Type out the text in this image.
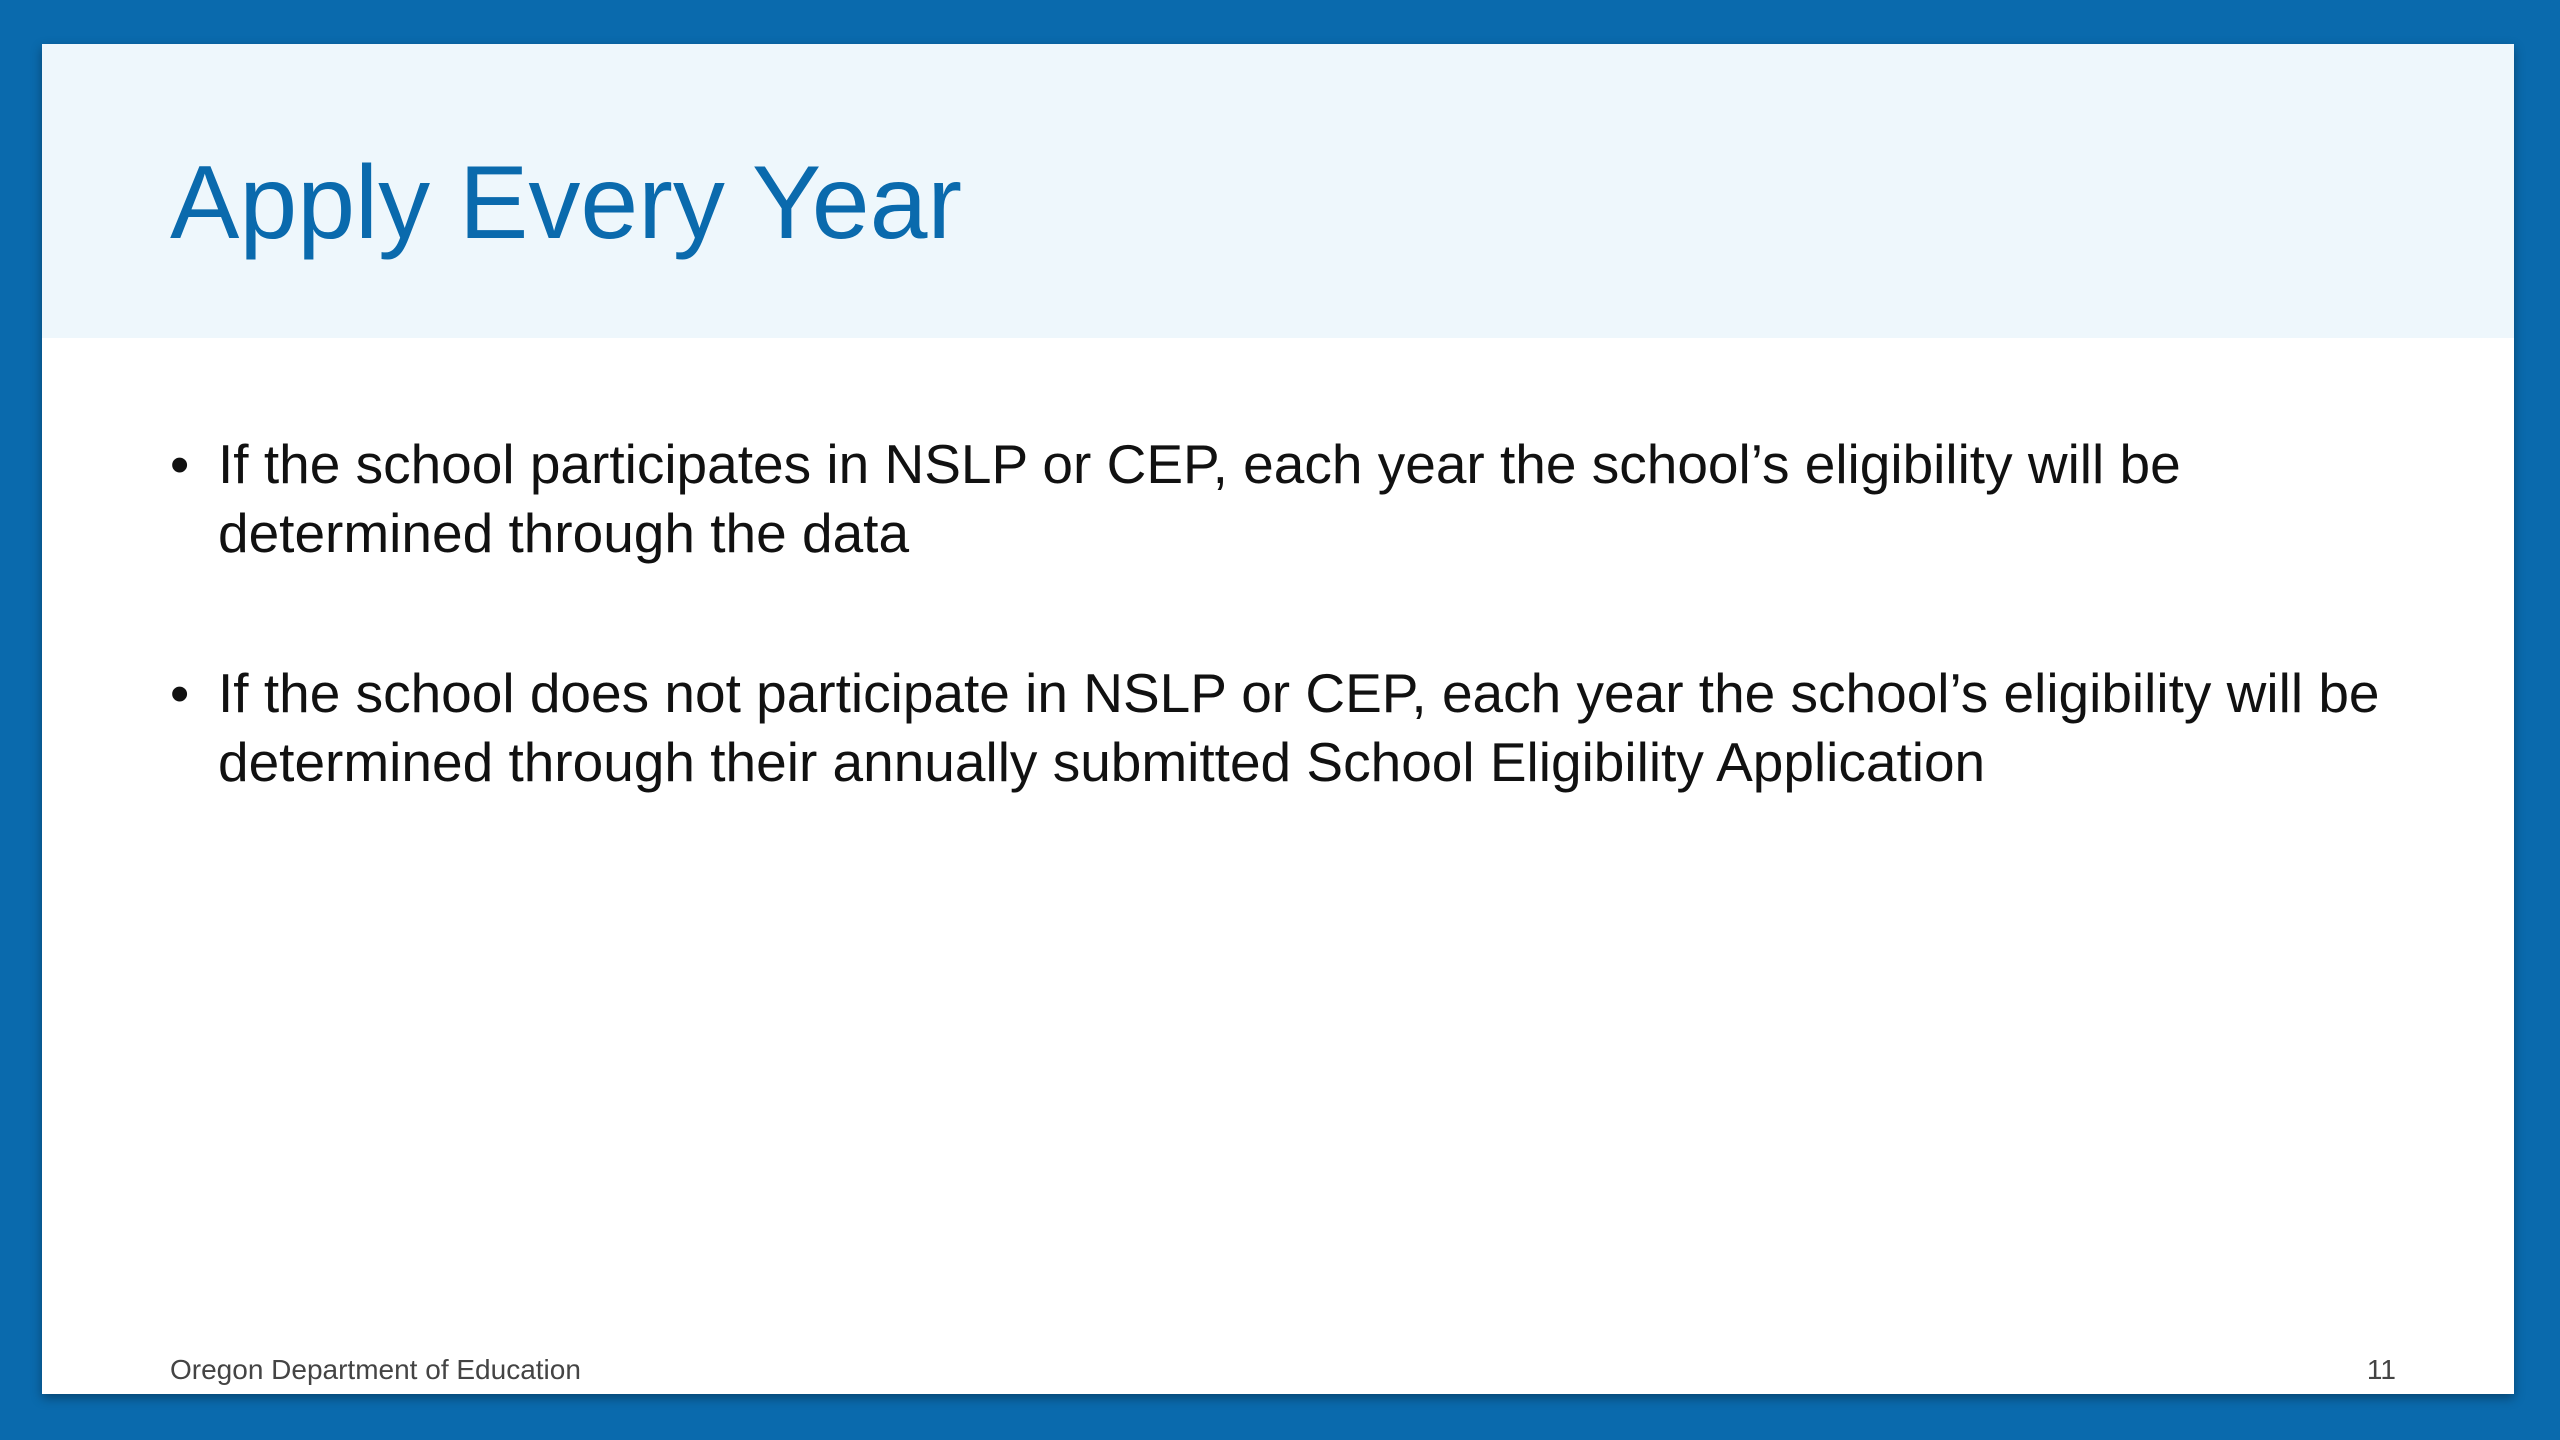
Apply Every Year
• If the school participates in NSLP or CEP, each year the school’s eligibility will be determined through the data
• If the school does not participate in NSLP or CEP, each year the school’s eligibility will be determined through their annually submitted School Eligibility Application
Oregon Department of Education	11
